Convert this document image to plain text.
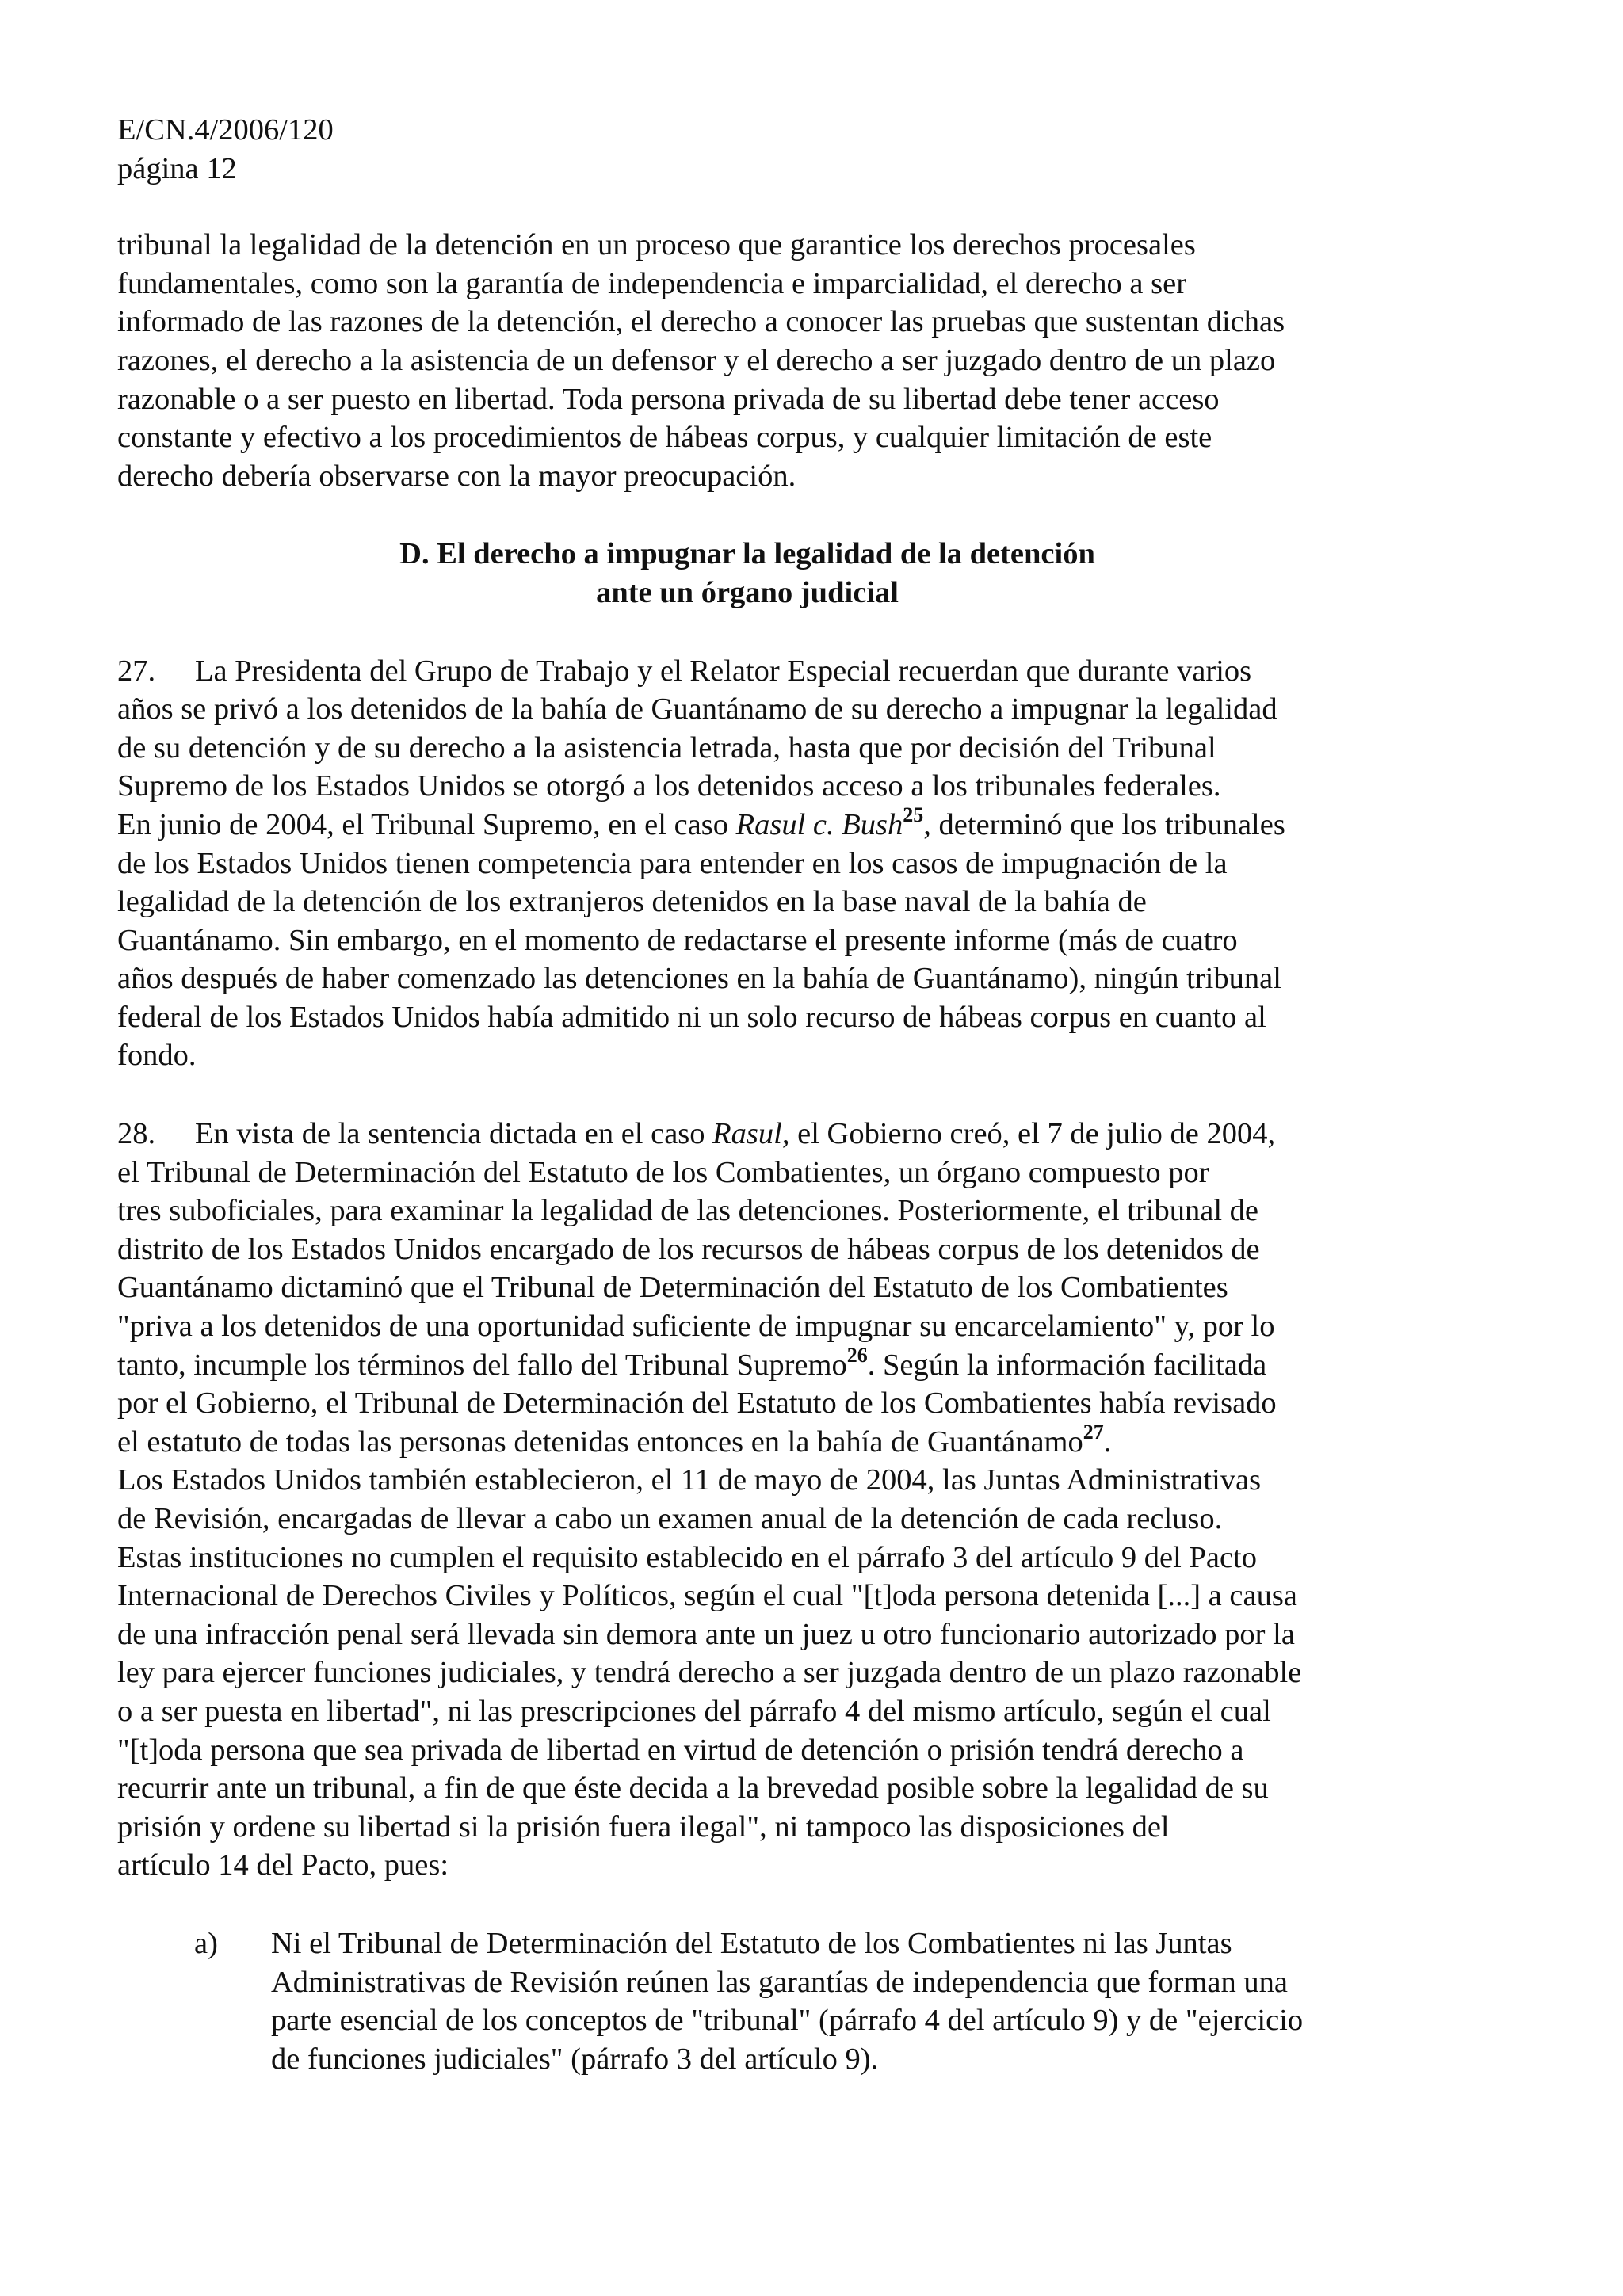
E/CN.4/2006/120
página 12

tribunal la legalidad de la detención en un proceso que garantice los derechos procesales
fundamentales, como son la garantía de independencia e imparcialidad, el derecho a ser
informado de las razones de la detención, el derecho a conocer las pruebas que sustentan dichas
razones, el derecho a la asistencia de un defensor y el derecho a ser juzgado dentro de un plazo
razonable o a ser puesto en libertad. Toda persona privada de su libertad debe tener acceso
constante y efectivo a los procedimientos de hábeas corpus, y cualquier limitación de este
derecho debería observarse con la mayor preocupación.

D. El derecho a impugnar la legalidad de la detención
ante un órgano judicial

27. La Presidenta del Grupo de Trabajo y el Relator Especial recuerdan que durante varios
años se privó a los detenidos de la bahía de Guantánamo de su derecho a impugnar la legalidad
de su detención y de su derecho a la asistencia letrada, hasta que por decisión del Tribunal
Supremo de los Estados Unidos se otorgó a los detenidos acceso a los tribunales federales.
En junio de 2004, el Tribunal Supremo, en el caso Rasul c. Bush$^{25}$, determinó que los tribunales
de los Estados Unidos tienen competencia para entender en los casos de impugnación de la
legalidad de la detención de los extranjeros detenidos en la base naval de la bahía de
Guantánamo. Sin embargo, en el momento de redactarse el presente informe (más de cuatro
años después de haber comenzado las detenciones en la bahía de Guantánamo), ningún tribunal
federal de los Estados Unidos había admitido ni un solo recurso de hábeas corpus en cuanto al
fondo.

28. En vista de la sentencia dictada en el caso Rasul, el Gobierno creó, el 7 de julio de 2004,
el Tribunal de Determinación del Estatuto de los Combatientes, un órgano compuesto por
tres suboficiales, para examinar la legalidad de las detenciones. Posteriormente, el tribunal de
distrito de los Estados Unidos encargado de los recursos de hábeas corpus de los detenidos de
Guantánamo dictaminó que el Tribunal de Determinación del Estatuto de los Combatientes
"priva a los detenidos de una oportunidad suficiente de impugnar su encarcelamiento" y, por lo
tanto, incumple los términos del fallo del Tribunal Supremo$^{26}$. Según la información facilitada
por el Gobierno, el Tribunal de Determinación del Estatuto de los Combatientes había revisado
el estatuto de todas las personas detenidas entonces en la bahía de Guantánamo$^{27}$.
Los Estados Unidos también establecieron, el 11 de mayo de 2004, las Juntas Administrativas
de Revisión, encargadas de llevar a cabo un examen anual de la detención de cada recluso.
Estas instituciones no cumplen el requisito establecido en el párrafo 3 del artículo 9 del Pacto
Internacional de Derechos Civiles y Políticos, según el cual "[t]oda persona detenida [...] a causa
de una infracción penal será llevada sin demora ante un juez u otro funcionario autorizado por la
ley para ejercer funciones judiciales, y tendrá derecho a ser juzgada dentro de un plazo razonable
o a ser puesta en libertad", ni las prescripciones del párrafo 4 del mismo artículo, según el cual
"[t]oda persona que sea privada de libertad en virtud de detención o prisión tendrá derecho a
recurrir ante un tribunal, a fin de que éste decida a la brevedad posible sobre la legalidad de su
prisión y ordene su libertad si la prisión fuera ilegal", ni tampoco las disposiciones del
artículo 14 del Pacto, pues:

a) Ni el Tribunal de Determinación del Estatuto de los Combatientes ni las Juntas
Administrativas de Revisión reúnen las garantías de independencia que forman una
parte esencial de los conceptos de "tribunal" (párrafo 4 del artículo 9) y de "ejercicio
de funciones judiciales" (párrafo 3 del artículo 9).
